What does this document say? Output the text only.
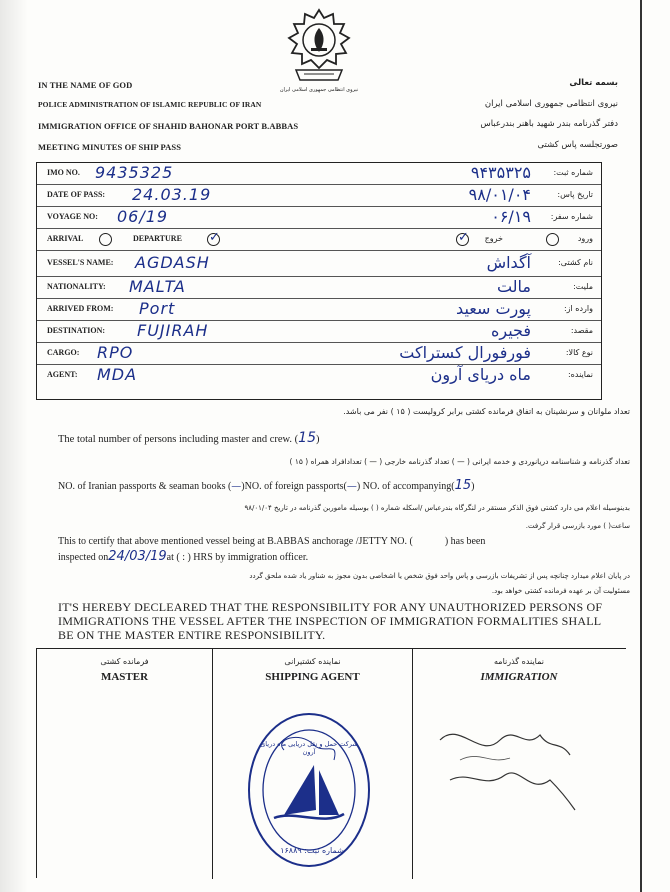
نیروی انتظامی جمهوری اسلامی ایران
IN THE NAME OF GOD
POLICE ADMINISTRATION OF ISLAMIC REPUBLIC OF IRAN
IMMIGRATION OFFICE OF SHAHID BAHONAR PORT B.ABBAS
MEETING MINUTES OF SHIP PASS
بسمه تعالی
نیروی انتظامی جمهوری اسلامی ایران
دفتر گذرنامه بندر شهید باهنر بندرعباس
صورتجلسه پاس کشتی
IMO NO. 9435325	۹۴۳۵۳۲۵	شماره ثبت:
DATE OF PASS: 24.03.19	۹۸/۰۱/۰۴	تاریخ پاس:
VOYAGE NO: 06/19	۰۶/۱۹ شماره سفر:
ARRIVAL	DEPARTURE ✓	✓ خروج	ورود
VESSEL'S NAME: AGDASH	آگداش	نام کشتی:
NATIONALITY: MALTA	مالت	ملیت:
ARRIVED FROM: Port	پورت سعید	وارده از:
DESTINATION: FUJIRAH	فجیره	مقصد:
CARGO: RPO	فورفورال کستراکت	نوع کالا:
AGENT: MDA	ماه دریای آرون	نماینده:
تعداد ملوانان و سرنشینان به اتفاق فرمانده کشتی برابر کرولیست ( ۱۵ ) نفر می باشد.
The total number of persons including master and crew. (15)
تعداد گذرنامه و شناسنامه دریانوردی و خدمه ایرانی ( — ) تعداد گذرنامه خارجی ( — ) تعدادافراد همراه ( ۱۵ )
NO. of Iranian passports & seaman books (—)NO. of foreign passports(—) NO. of accompanying(15)
بدینوسیله اعلام می دارد کشتی فوق الذکر مستقر در لنگرگاه بندرعباس /اسکله شماره ( ) بوسیله ماموربن گذرنامه در تاریخ ۹۸/۰۱/۰۴
ساعت( ) مورد بازرسی قرار گرفت.
This to certify that above mentioned vessel being at B.ABBAS anchorage /JETTY NO. (	) has been
inspected on24/03/19at ( : ) HRS by immigration officer.
در پایان اعلام میدارد چنانچه پس از تشریفات بازرسی و پاس واحد فوق شخص یا اشخاصی بدون مجوز به شناور یاد شده ملحق گردد
مسئولیت آن بر عهده فرمانده کشتی خواهد بود.
IT'S HEREBY DECLEARED THAT THE RESPONSIBILITY FOR ANY UNAUTHORIZED PERSONS OF IMMIGRATIONS THE VESSEL AFTER THE INSPECTION OF IMMIGRATION FORMALITIES SHALL BE ON THE MASTER ENTIRE RESPONSIBILITY.
فرمانده کشتی
MASTER
نماینده کشتیرانی
SHIPPING AGENT
نماینده گذرنامه
IMMIGRATION
شرکت حمل و نقل دریایی ماه دریای آرون
شماره ثبت: ۱۶۸۸۹
